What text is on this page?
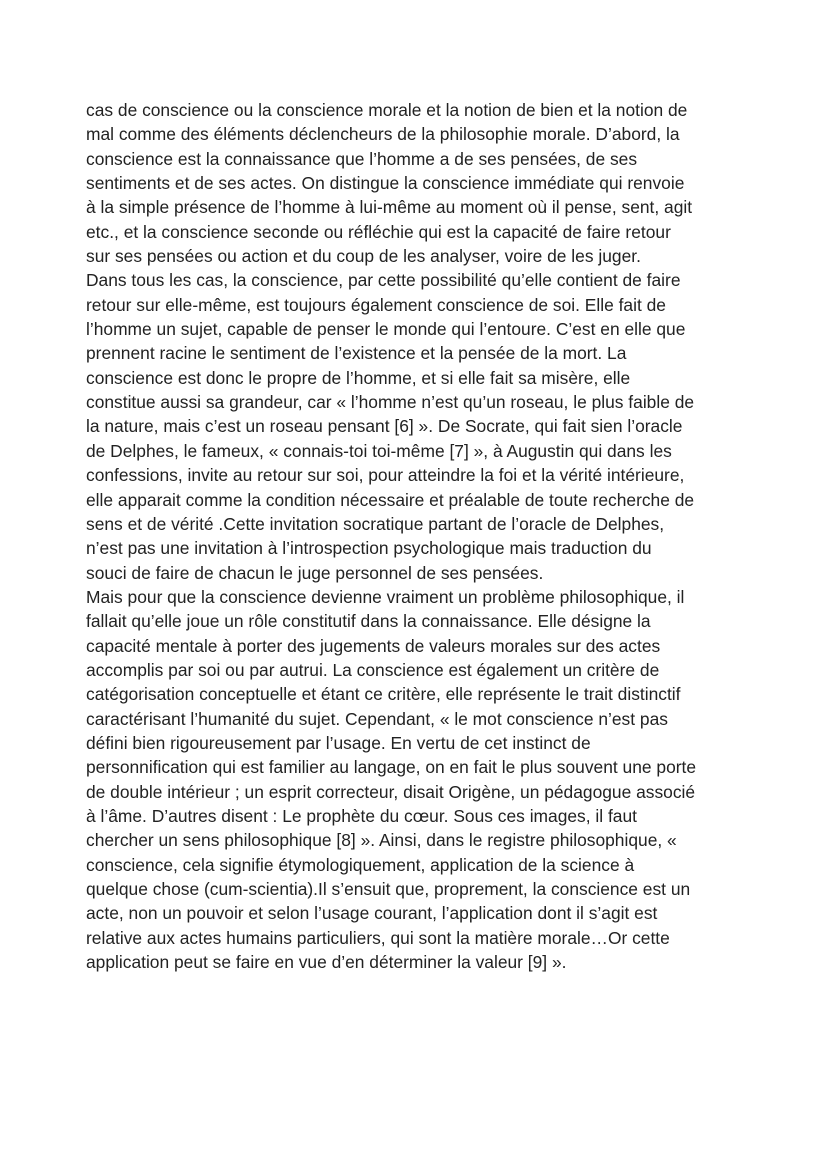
cas de conscience ou la conscience morale et la notion de bien et la notion de
mal comme des éléments déclencheurs de la philosophie morale. D’abord, la
conscience est la connaissance que l’homme a de ses pensées, de ses
sentiments et de ses actes. On distingue la conscience immédiate qui renvoie
à la simple présence de l’homme à lui-même au moment où il pense, sent, agit
etc., et la conscience seconde ou réfléchie qui est la capacité de faire retour
sur ses pensées ou action et du coup de les analyser, voire de les juger.
Dans tous les cas, la conscience, par cette possibilité qu’elle contient de faire
retour sur elle-même, est toujours également conscience de soi. Elle fait de
l’homme un sujet, capable de penser le monde qui l’entoure. C’est en elle que
prennent racine le sentiment de l’existence et la pensée de la mort. La
conscience est donc le propre de l’homme, et si elle fait sa misère, elle
constitue aussi sa grandeur, car « l’homme n’est qu’un roseau, le plus faible de
la nature, mais c’est un roseau pensant [6] ». De Socrate, qui fait sien l’oracle
de Delphes, le fameux, « connais-toi toi-même [7] », à Augustin qui dans les
confessions, invite au retour sur soi, pour atteindre la foi et la vérité intérieure,
elle apparait comme la condition nécessaire et préalable de toute recherche de
sens et de vérité .Cette invitation socratique partant de l’oracle de Delphes,
n’est pas une invitation à l’introspection psychologique mais traduction du
souci de faire de chacun le juge personnel de ses pensées.
Mais pour que la conscience devienne vraiment un problème philosophique, il
fallait qu’elle joue un rôle constitutif dans la connaissance. Elle désigne la
capacité mentale à porter des jugements de valeurs morales sur des actes
accomplis par soi ou par autrui. La conscience est également un critère de
catégorisation conceptuelle et étant ce critère, elle représente le trait distinctif
caractérisant l’humanité du sujet. Cependant, « le mot conscience n’est pas
défini bien rigoureusement par l’usage. En vertu de cet instinct de
personnification qui est familier au langage, on en fait le plus souvent une porte
de double intérieur ; un esprit correcteur, disait Origène, un pédagogue associé
à l’âme. D’autres disent : Le prophète du cœur. Sous ces images, il faut
chercher un sens philosophique [8] ». Ainsi, dans le registre philosophique, «
conscience, cela signifie étymologiquement, application de la science à
quelque chose (cum-scientia).Il s’ensuit que, proprement, la conscience est un
acte, non un pouvoir et selon l’usage courant, l’application dont il s’agit est
relative aux actes humains particuliers, qui sont la matière morale…Or cette
application peut se faire en vue d’en déterminer la valeur [9] ».
